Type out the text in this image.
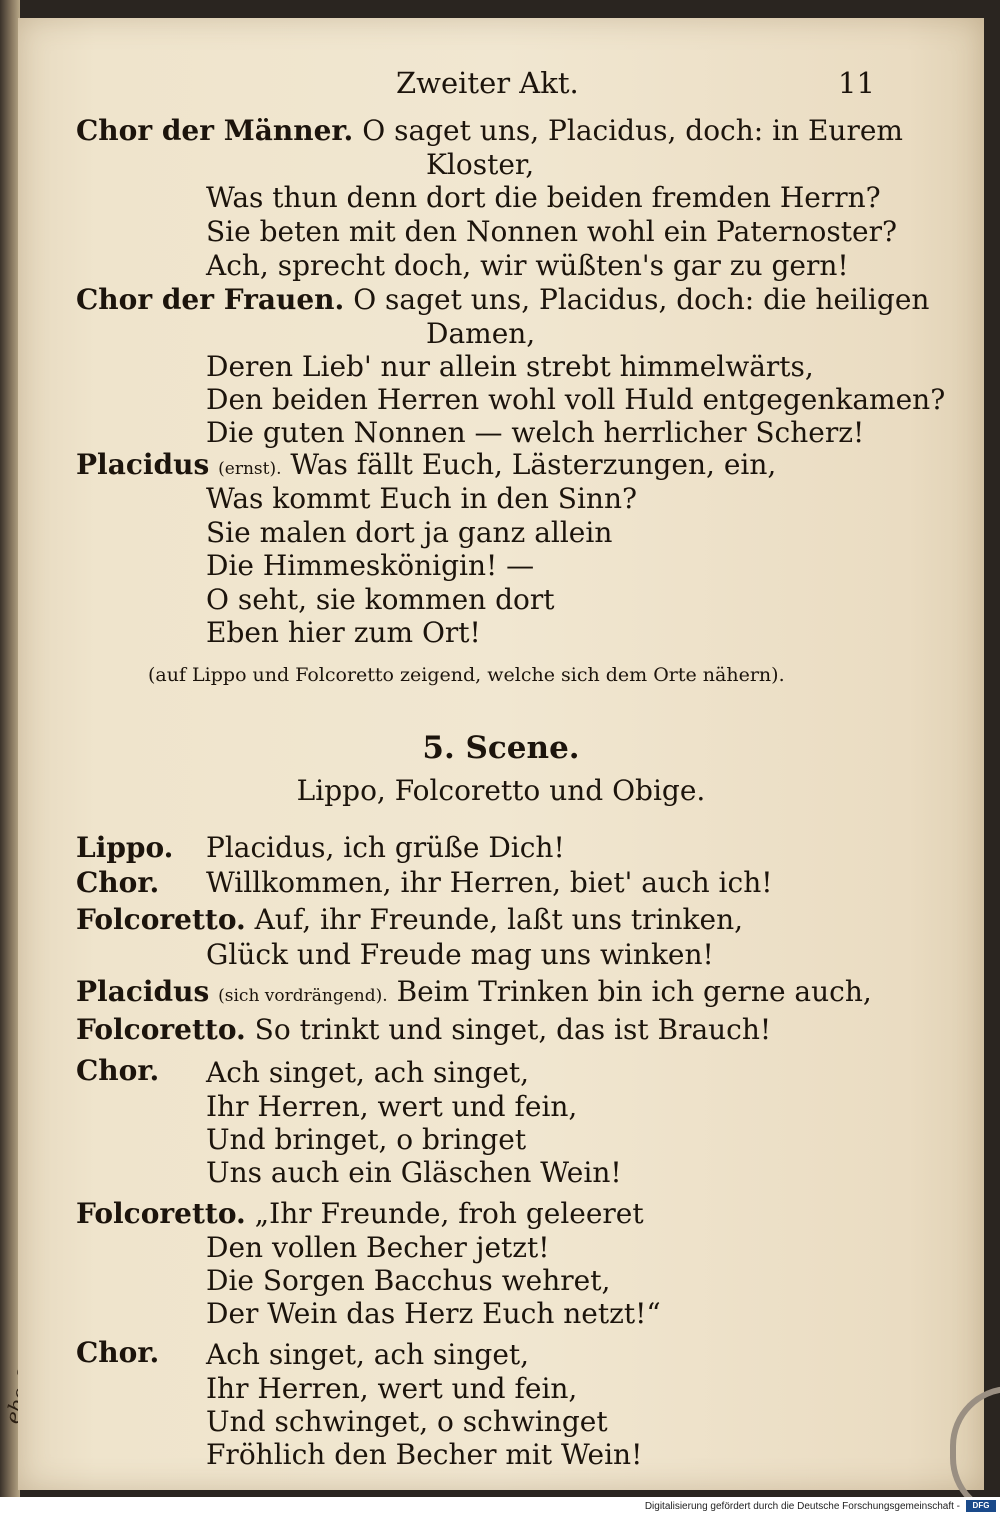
Zweiter Akt.	11
Chor der Männer. O saget uns, Placidus, doch: in Eurem
Kloster,
Was thun denn dort die beiden fremden Herrn?
Sie beten mit den Nonnen wohl ein Paternoster?
Ach, sprecht doch, wir wüßten's gar zu gern!
Chor der Frauen. O saget uns, Placidus, doch: die heiligen
Damen,
Deren Lieb' nur allein strebt himmelwärts,
Den beiden Herren wohl voll Huld entgegenkamen?
Die guten Nonnen — welch herrlicher Scherz!
Placidus (ernst). Was fällt Euch, Lästerzungen, ein,
Was kommt Euch in den Sinn?
Sie malen dort ja ganz allein
Die Himmeskönigin! —
O seht, sie kommen dort
Eben hier zum Ort!
(auf Lippo und Folcoretto zeigend, welche sich dem Orte nähern).
5. Scene.
Lippo, Folcoretto und Obige.
Lippo. Placidus, ich grüße Dich!
Chor. Willkommen, ihr Herren, biet' auch ich!
Folcoretto. Auf, ihr Freunde, laßt uns trinken,
Glück und Freude mag uns winken!
Placidus (sich vordrängend). Beim Trinken bin ich gerne auch,
Folcoretto. So trinkt und singet, das ist Brauch!
Chor. Ach singet, ach singet,
Ihr Herren, wert und fein,
Und bringet, o bringet
Uns auch ein Gläschen Wein!
Folcoretto. „Ihr Freunde, froh geleeret
Den vollen Becher jetzt!
Die Sorgen Bacchus wehret,
Der Wein das Herz Euch netzt!“
Chor. Ach singet, ach singet,
Ihr Herren, wert und fein,
Und schwinget, o schwinget
Fröhlich den Becher mit Wein!
Digitalisierung gefördert durch die Deutsche Forschungsgemeinschaft -	DFG
